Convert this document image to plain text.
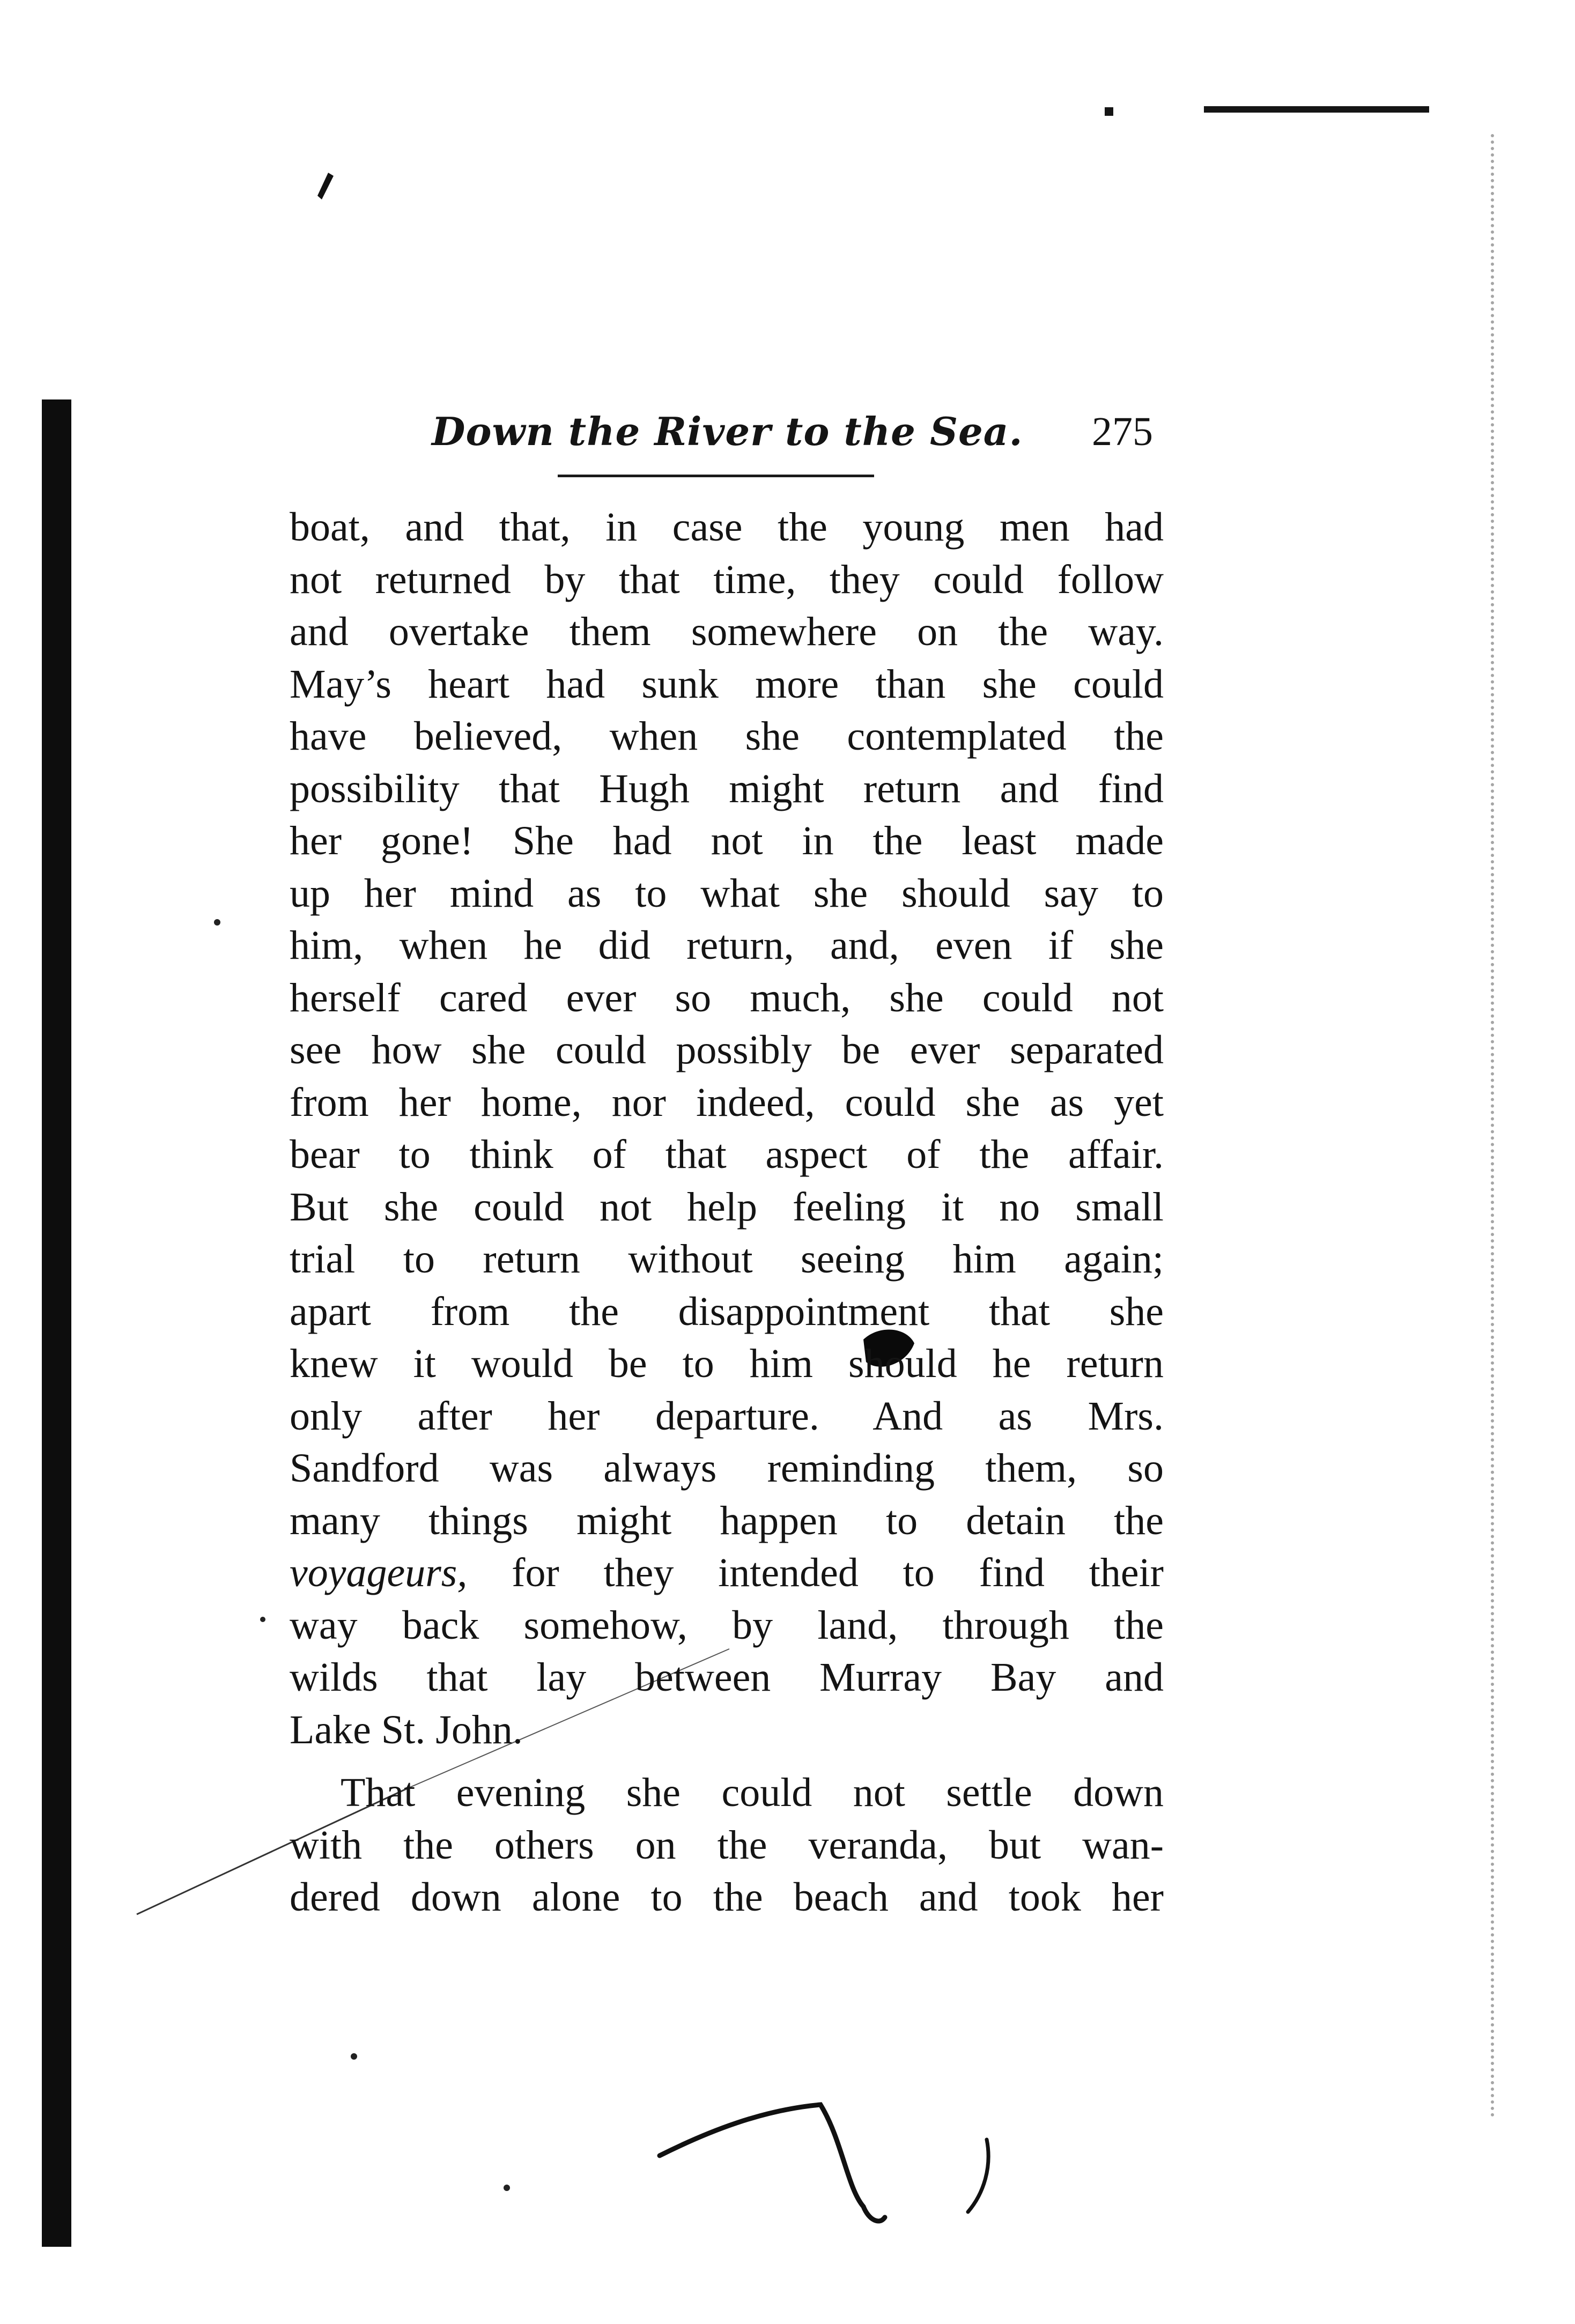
Down the River to the Sea. 275
boat, and that, in case the young men had
not returned by that time, they could follow
and overtake them somewhere on the way.
May’s heart had sunk more than she could
have believed, when she contemplated the
possibility that Hugh might return and find
her gone! She had not in the least made
up her mind as to what she should say to
him, when he did return, and, even if she
herself cared ever so much, she could not
see how she could possibly be ever separated
from her home, nor indeed, could she as yet
bear to think of that aspect of the affair.
But she could not help feeling it no small
trial to return without seeing him again;
apart from the disappointment that she
knew it would be to him should he return
only after her departure. And as Mrs.
Sandford was always reminding them, so
many things might happen to detain the
voyageurs, for they intended to find their
way back somehow, by land, through the
wilds that lay between Murray Bay and
Lake St. John.
That evening she could not settle down
with the others on the veranda, but wan-
dered down alone to the beach and took her
